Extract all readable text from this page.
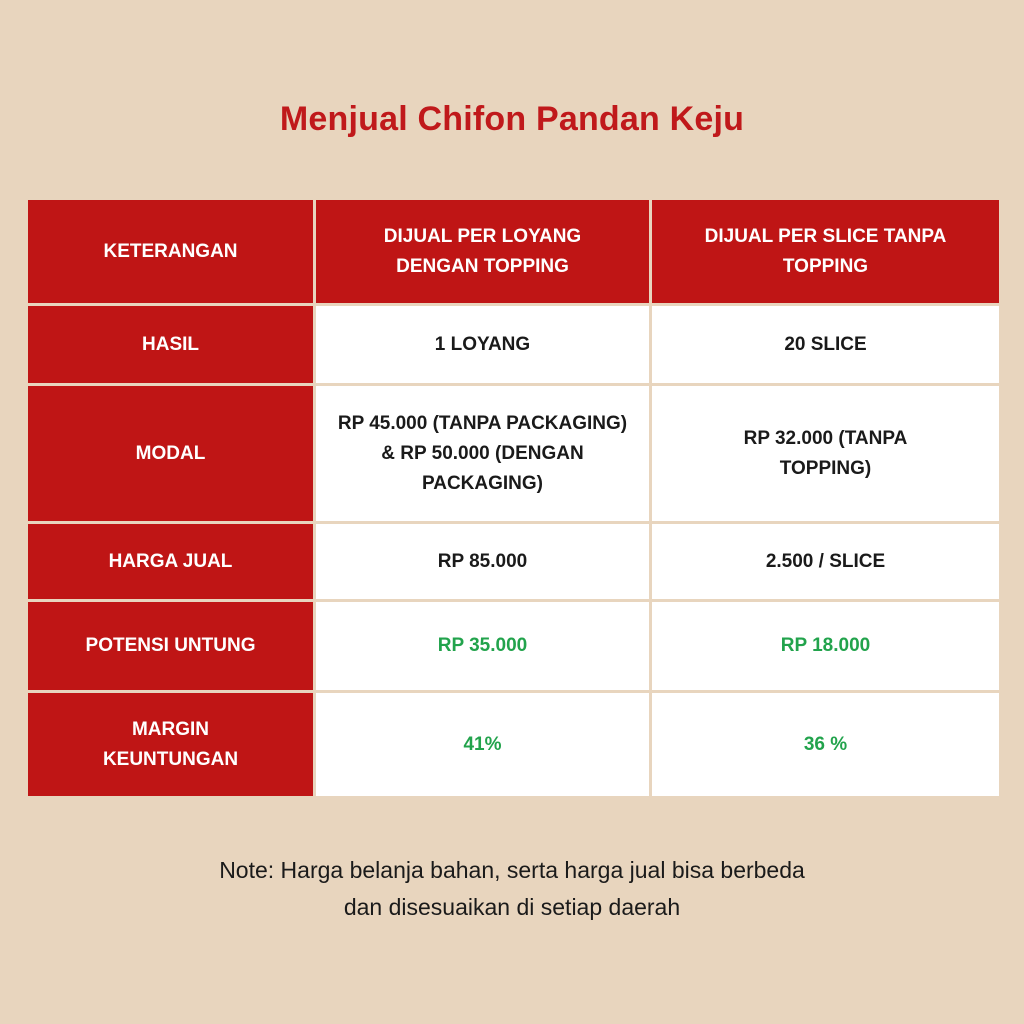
Menjual Chifon Pandan Keju
KETERANGAN	DIJUAL PER LOYANG DENGAN TOPPING	DIJUAL PER SLICE TANPA TOPPING
HASIL	1 LOYANG	20 SLICE
MODAL	RP 45.000 (TANPA PACKAGING) & RP 50.000 (DENGAN PACKAGING)	RP 32.000 (TANPA TOPPING)
HARGA JUAL	RP 85.000	2.500 / SLICE
POTENSI UNTUNG	RP 35.000	RP 18.000
MARGIN KEUNTUNGAN	41%	36 %
Note: Harga belanja bahan, serta harga jual bisa berbeda
dan disesuaikan di setiap daerah
